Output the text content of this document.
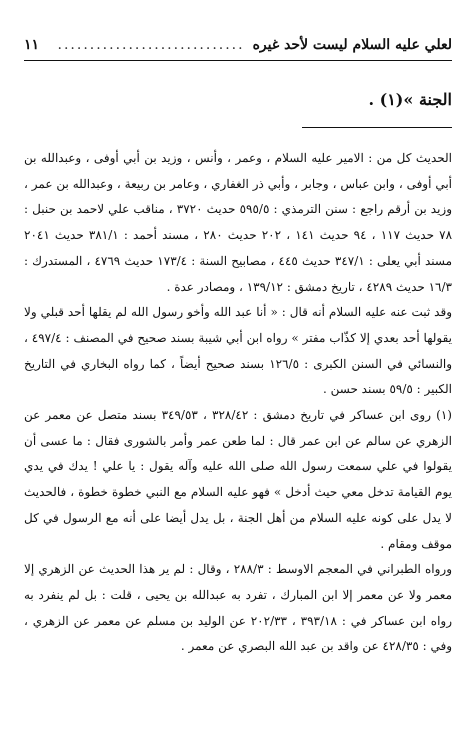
لعلي عليه السلام ليست لأحد غيره
.............................
١١
الجنة »(١) .

الحديث كل من : الامير عليه السلام ، وعمر ، وأنس ، وزيد بن أبي أوفى ، وعبدالله بن أبي أوفى ، وابن عباس ، وجابر ، وأبي ذر الغفاري ، وعامر بن ربيعة ، وعبدالله بن عمر ، وزيد بن أرقم راجع : سنن الترمذي : ٥٩٥/٥ حديث ٣٧٢٠ ، مناقب علي لاحمد بن حنبل : ٧٨ حديث ١١٧ ، ٩٤ حديث ١٤١ ، ٢٠٢ حديث ٢٨٠ ، مسند أحمد : ٣٨١/١ حديث ٢٠٤١ مسند أبي يعلى : ٣٤٧/١ حديث ٤٤٥ ، مصابيح السنة : ١٧٣/٤ حديث ٤٧٦٩ ، المستدرك : ١٦/٣ حديث ٤٢٨٩ ، تاريخ دمشق : ١٣٩/١٢ ، ومصادر عدة .

وقد ثبت عنه عليه السلام أنه قال : « أنا عبد الله وأخو رسول الله لم يقلها أحد قبلي ولا يقولها أحد بعدي إلا كذّاب مفتر » رواه ابن أبي شيبة بسند صحيح في المصنف : ٤٩٧/٤ ، والنسائي في السنن الكبرى : ١٢٦/٥ بسند صحيح أيضاً ، كما رواه البخاري في التاريخ الكبير : ٥٩/٥ بسند حسن .

(١) روى ابن عساكر في تاريخ دمشق : ٣٢٨/٤٢ ، ٣٤٩/٥٣ بسند متصل عن معمر عن الزهري عن سالم عن ابن عمر قال : لما طعن عمر وأمر بالشورى فقال : ما عسى أن يقولوا في علي سمعت رسول الله صلى الله عليه وآله يقول : يا علي ! يدك في يدي يوم القيامة تدخل معي حيث أدخل » فهو عليه السلام مع النبي خطوة خطوة ، فالحديث لا يدل على كونه عليه السلام من أهل الجنة ، بل يدل أيضا على أنه مع الرسول في كل موقف ومقام .

ورواه الطبراني في المعجم الاوسط : ٢٨٨/٣ ، وقال : لم ير هذا الحديث عن الزهري إلا معمر ولا عن معمر إلا ابن المبارك ، تفرد به عبدالله بن يحيى ، قلت : بل لم ينفرد به رواه ابن عساكر في : ٣٩٣/١٨ ، ٢٠٢/٣٣ عن الوليد بن مسلم عن معمر عن الزهري ، وفي : ٤٢٨/٣٥ عن واقد بن عبد الله البصري عن معمر .
